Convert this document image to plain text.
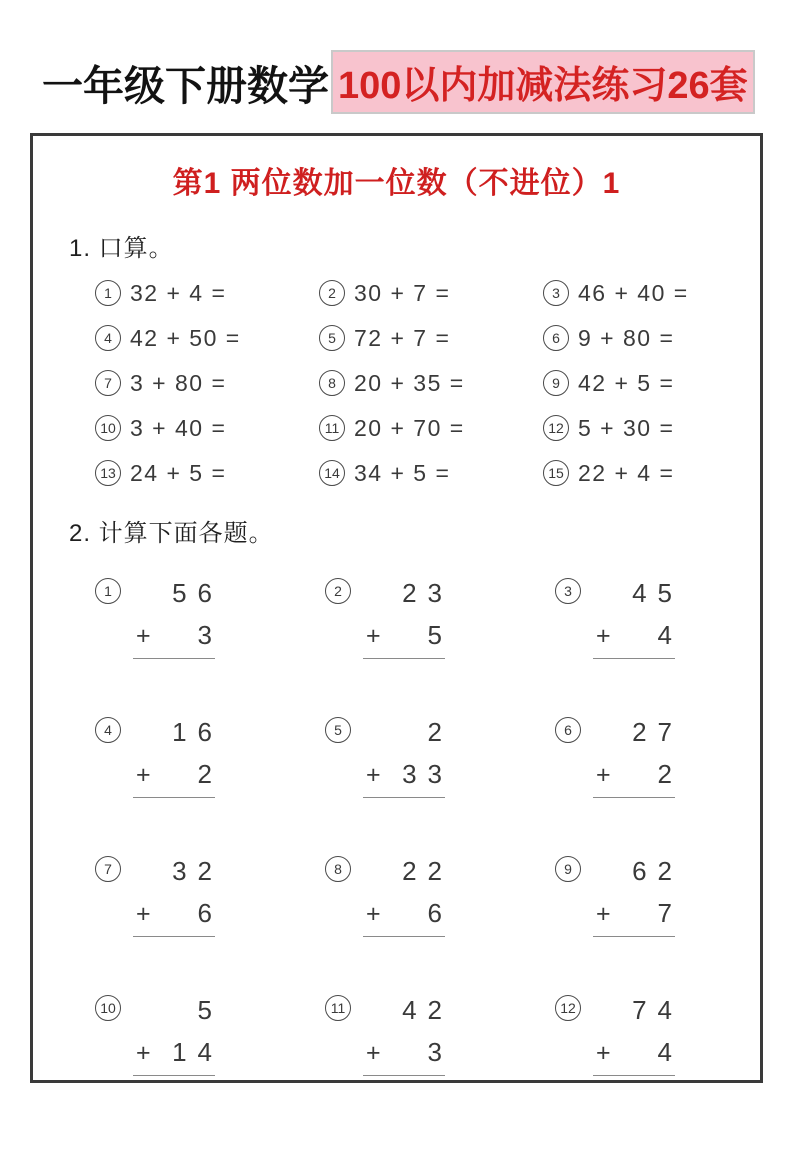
一年级下册数学 100以内加减法练习26套
第1 两位数加一位数（不进位）1
1. 口算。
1 32 + 4 =	2 30 + 7 =	3 46 + 40 =
4 42 + 50 =	5 72 + 7 =	6 9 + 80 =
7 3 + 80 =	8 20 + 35 =	9 42 + 5 =
10 3 + 40 =	11 20 + 70 =	12 5 + 30 =
13 24 + 5 =	14 34 + 5 =	15 22 + 4 =
2. 计算下面各题。
1	56
+ 3
2	23
+ 5
3	45
+ 4
4	16
+ 2
5	2
+ 33
6	27
+ 2
7	32
+ 6
8	22
+ 6
9	62
+ 7
10	5
+ 14
11	42
+ 3
12	74
+ 4
